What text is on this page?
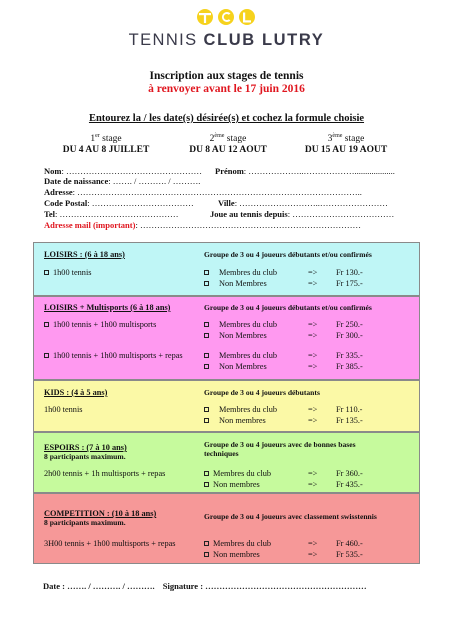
TCL
TENNIS CLUB LUTRY
Inscription aux stages de tennis
à renvoyer avant le 17 juin 2016
Entourez la / les date(s) désirée(s) et cochez la formule choisie
1er stage
DU 4 AU 8 JUILLET
2ème stage
DU 8 AU 12 AOUT
3ème stage
DU 15 AU 19 AOUT
Nom: ………………………………………… Prénom: ………………..………………...................
Date de naissance: ……. / ………. / ……….
Adresse: ………………………………………………………………………………………..
Code Postal: ………………………………	Ville: ………………………..……………………
Tel: ……………………………………	Joue au tennis depuis: ………………………………
Adresse mail (important): ……………………………………………………………………
LOISIRS : (6 à 18 ans)	Groupe de 3 ou 4 joueurs débutants et/ou confirmés
1h00 tennis	Membres du club	=> Fr 130.-
Non Membres	=> Fr 175.-
LOISIRS + Multisports (6 à 18 ans)	Groupe de 3 ou 4 joueurs débutants et/ou confirmés
1h00 tennis + 1h00 multisports	Membres du club	=> Fr 250.-
Non Membres	=> Fr 300.-
1h00 tennis + 1h00 multisports + repas	Membres du club	=> Fr 335.-
Non Membres	=> Fr 385.-
KIDS : (4 à 5 ans)	Groupe de 3 ou 4 joueurs débutants
1h00 tennis	Membres du club	=> Fr 110.-
Non membres	=> Fr 135.-
ESPOIRS : (7 à 10 ans)
8 participants maximum.
Groupe de 3 ou 4 joueurs avec de bonnes bases
techniques
2h00 tennis + 1h multisports + repas	Membres du club	=> Fr 360.-
Non membres	=> Fr 435.-
COMPETITION : (10 à 18 ans)
8 participants maximum.
Groupe de 3 ou 4 joueurs avec classement swisstennis
3H00 tennis + 1h00 multisports + repas	Membres du club	=> Fr 460.-
Non membres	=> Fr 535.-
Date : ……. / ………. / ………. Signature : …………………………………………………
